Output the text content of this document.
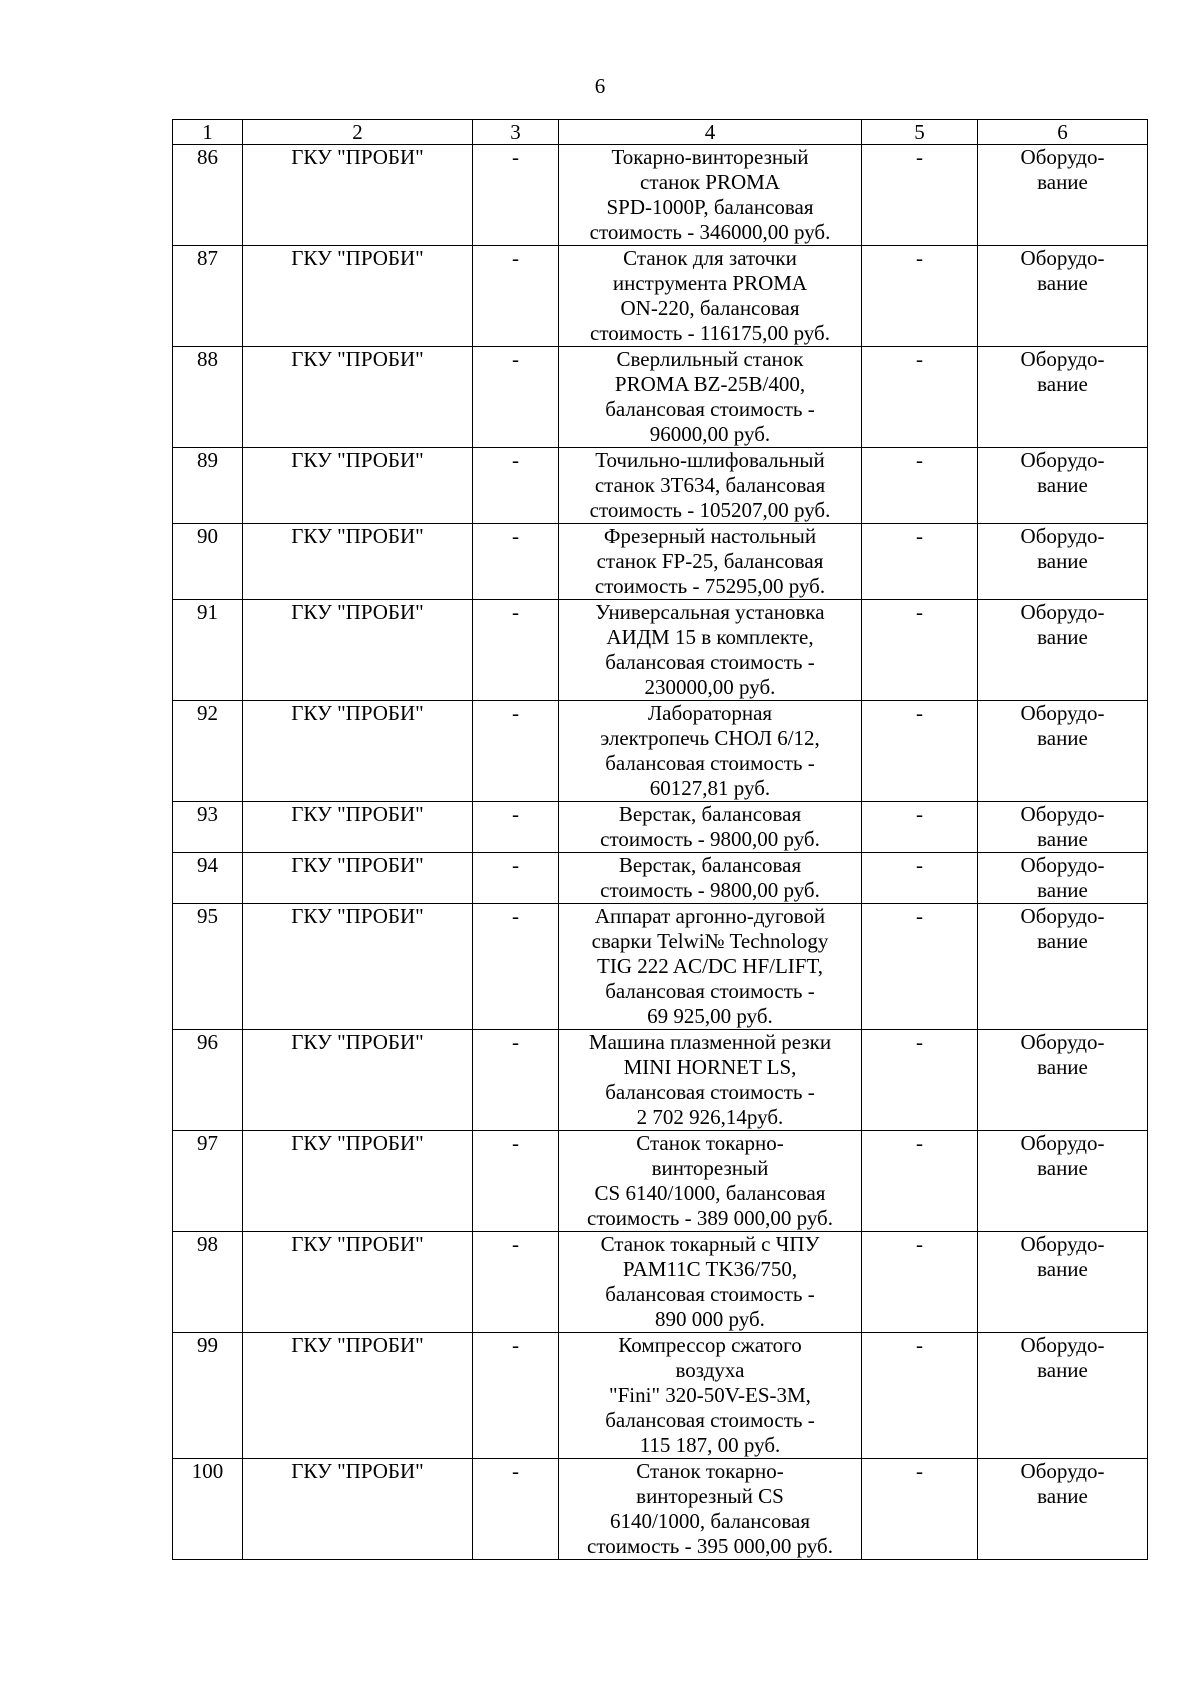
6
1	2	3	4	5	6
86	ГКУ "ПРОБИ"	-	Токарно-винторезный
станок PROMA
SPD-1000P, балансовая
стоимость - 346000,00 руб.	-	Оборудо-
вание
87	ГКУ "ПРОБИ"	-	Станок для заточки
инструмента PROMA
ON-220, балансовая
стоимость - 116175,00 руб.	-	Оборудо-
вание
88	ГКУ "ПРОБИ"	-	Сверлильный станок
PROMA BZ-25B/400,
балансовая стоимость -
96000,00 руб.	-	Оборудо-
вание
89	ГКУ "ПРОБИ"	-	Точильно-шлифовальный
станок 3Т634, балансовая
стоимость - 105207,00 руб.	-	Оборудо-
вание
90	ГКУ "ПРОБИ"	-	Фрезерный настольный
станок FP-25, балансовая
стоимость - 75295,00 руб.	-	Оборудо-
вание
91	ГКУ "ПРОБИ"	-	Универсальная установка
АИДМ 15 в комплекте,
балансовая стоимость -
230000,00 руб.	-	Оборудо-
вание
92	ГКУ "ПРОБИ"	-	Лабораторная
электропечь СНОЛ 6/12,
балансовая стоимость -
60127,81 руб.	-	Оборудо-
вание
93	ГКУ "ПРОБИ"	-	Верстак, балансовая
стоимость - 9800,00 руб.	-	Оборудо-
вание
94	ГКУ "ПРОБИ"	-	Верстак, балансовая
стоимость - 9800,00 руб.	-	Оборудо-
вание
95	ГКУ "ПРОБИ"	-	Аппарат аргонно-дуговой
сварки Telwi№ Technology
TIG 222 AC/DC HF/LIFT,
балансовая стоимость -
69 925,00 руб.	-	Оборудо-
вание
96	ГКУ "ПРОБИ"	-	Машина плазменной резки
MINI HORNET LS,
балансовая стоимость -
2 702 926,14руб.	-	Оборудо-
вание
97	ГКУ "ПРОБИ"	-	Станок токарно-
винторезный
CS 6140/1000, балансовая
стоимость - 389 000,00 руб.	-	Оборудо-
вание
98	ГКУ "ПРОБИ"	-	Станок токарный с ЧПУ
PAM11C TK36/750,
балансовая стоимость -
890 000 руб.	-	Оборудо-
вание
99	ГКУ "ПРОБИ"	-	Компрессор сжатого
воздуха
"Fini" 320-50V-ES-3M,
балансовая стоимость -
115 187, 00 руб.	-	Оборудо-
вание
100	ГКУ "ПРОБИ"	-	Станок токарно-
винторезный CS
6140/1000, балансовая
стоимость - 395 000,00 руб.	-	Оборудо-
вание
